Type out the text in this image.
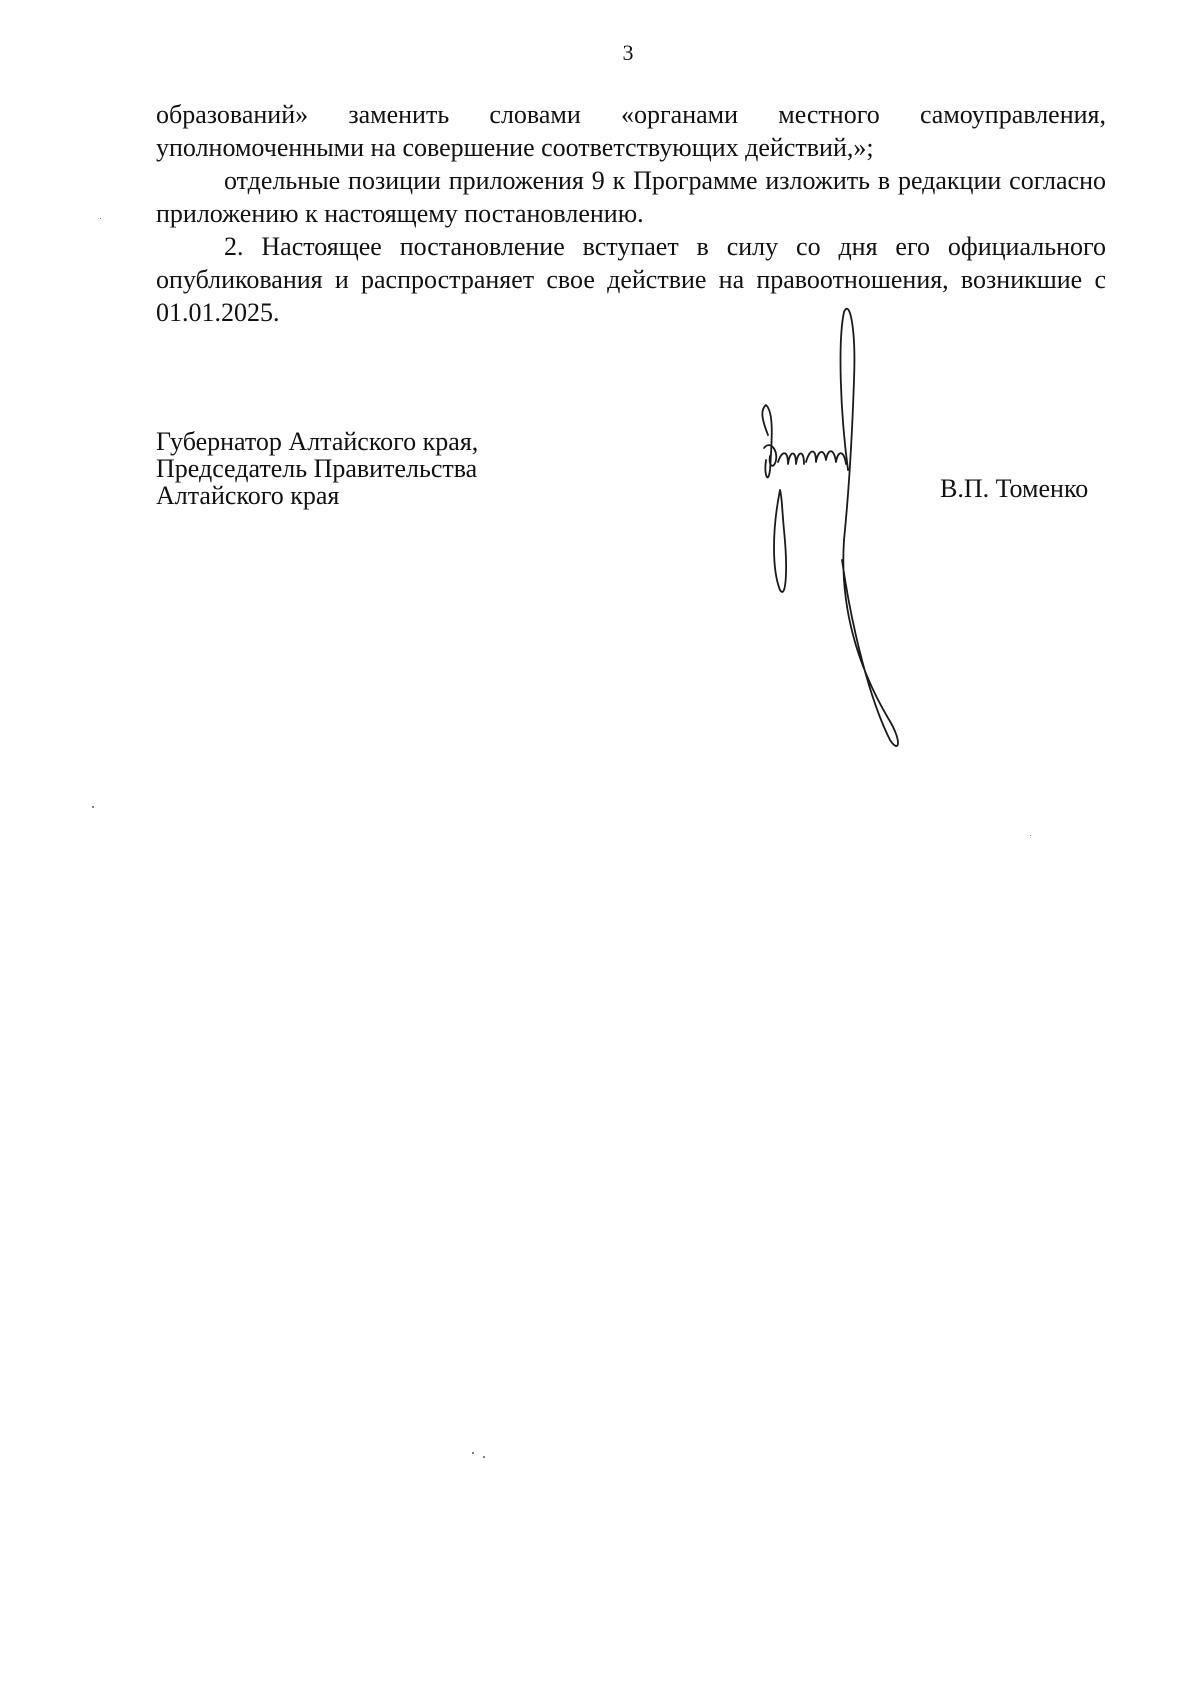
3

образований» заменить словами «органами местного самоуправления, уполномоченными на совершение соответствующих действий,»;

отдельные позиции приложения 9 к Программе изложить в редакции согласно приложению к настоящему постановлению.

2. Настоящее постановление вступает в силу со дня его официального опубликования и распространяет свое действие на правоотношения, возникшие с 01.01.2025.

Губернатор Алтайского края,
Председатель Правительства
Алтайского края	В.П. Томенко
